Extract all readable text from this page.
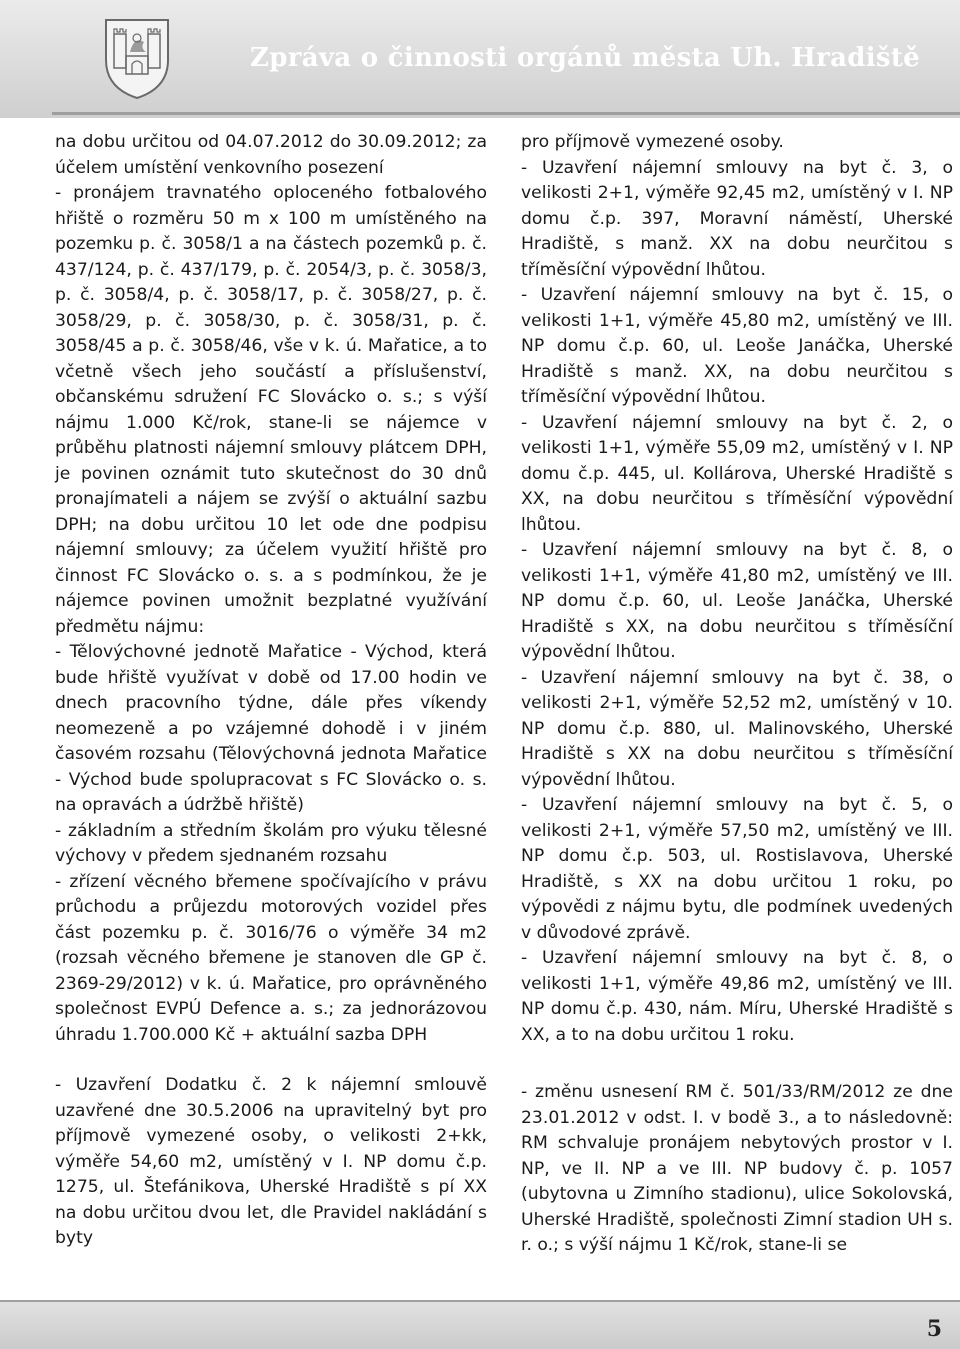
Zpráva o činnosti orgánů města Uh. Hradiště

na dobu určitou od 04.07.2012 do 30.09.2012; za účelem umístění venkovního posezení

- pronájem travnatého oploceného fotbalového hřiště o rozměru 50 m x 100 m umístěného na pozemku p. č. 3058/1 a na částech pozemků p. č. 437/124, p. č. 437/179, p. č. 2054/3, p. č. 3058/3, p. č. 3058/4, p. č. 3058/17, p. č. 3058/27, p. č. 3058/29, p. č. 3058/30, p. č. 3058/31, p. č. 3058/45 a p. č. 3058/46, vše v k. ú. Mařatice, a to včetně všech jeho součástí a příslušenství, občanskému sdružení FC Slovácko o. s.; s výší nájmu 1.000 Kč/rok, stane-li se nájemce v průběhu platnosti nájemní smlouvy plátcem DPH, je povinen oznámit tuto skutečnost do 30 dnů pronajímateli a nájem se zvýší o aktuální sazbu DPH; na dobu určitou 10 let ode dne podpisu nájemní smlouvy; za účelem využití hřiště pro činnost FC Slovácko o. s. a s podmínkou, že je nájemce povinen umožnit bezplatné využívání předmětu nájmu:

- Tělovýchovné jednotě Mařatice - Východ, která bude hřiště využívat v době od 17.00 hodin ve dnech pracovního týdne, dále přes víkendy neomezeně a po vzájemné dohodě i v jiném časovém rozsahu (Tělovýchovná jednota Mařatice - Východ bude spolupracovat s FC Slovácko o. s. na opravách a údržbě hřiště)

- základním a středním školám pro výuku tělesné výchovy v předem sjednaném rozsahu

- zřízení věcného břemene spočívajícího v právu průchodu a průjezdu motorových vozidel přes část pozemku p. č. 3016/76 o výměře 34 m2 (rozsah věcného břemene je stanoven dle GP č. 2369-29/2012) v k. ú. Mařatice, pro oprávněného společnost EVPÚ Defence a. s.; za jednorázovou úhradu 1.700.000 Kč + aktuální sazba DPH

- Uzavření Dodatku č. 2 k nájemní smlouvě uzavřené dne 30.5.2006 na upravitelný byt pro příjmově vymezené osoby, o velikosti 2+kk, výměře 54,60 m2, umístěný v I. NP domu č.p. 1275, ul. Štefánikova, Uherské Hradiště s pí XX na dobu určitou dvou let, dle Pravidel nakládání s byty

pro příjmově vymezené osoby.

- Uzavření nájemní smlouvy na byt č. 3, o velikosti 2+1, výměře 92,45 m2, umístěný v I. NP domu č.p. 397, Moravní náměstí, Uherské Hradiště, s manž. XX na dobu neurčitou s tříměsíční výpovědní lhůtou.

- Uzavření nájemní smlouvy na byt č. 15, o velikosti 1+1, výměře 45,80 m2, umístěný ve III. NP domu č.p. 60, ul. Leoše Janáčka, Uherské Hradiště s manž. XX, na dobu neurčitou s tříměsíční výpovědní lhůtou.

- Uzavření nájemní smlouvy na byt č. 2, o velikosti 1+1, výměře 55,09 m2, umístěný v I. NP domu č.p. 445, ul. Kollárova, Uherské Hradiště s XX, na dobu neurčitou s tříměsíční výpovědní lhůtou.

- Uzavření nájemní smlouvy na byt č. 8, o velikosti 1+1, výměře 41,80 m2, umístěný ve III. NP domu č.p. 60, ul. Leoše Janáčka, Uherské Hradiště s XX, na dobu neurčitou s tříměsíční výpovědní lhůtou.

- Uzavření nájemní smlouvy na byt č. 38, o velikosti 2+1, výměře 52,52 m2, umístěný v 10. NP domu č.p. 880, ul. Malinovského, Uherské Hradiště s XX na dobu neurčitou s tříměsíční výpovědní lhůtou.

- Uzavření nájemní smlouvy na byt č. 5, o velikosti 2+1, výměře 57,50 m2, umístěný ve III. NP domu č.p. 503, ul. Rostislavova, Uherské Hradiště, s XX na dobu určitou 1 roku, po výpovědi z nájmu bytu, dle podmínek uvedených v důvodové zprávě.

- Uzavření nájemní smlouvy na byt č. 8, o velikosti 1+1, výměře 49,86 m2, umístěný ve III. NP domu č.p. 430, nám. Míru, Uherské Hradiště s XX, a to na dobu určitou 1 roku.

- změnu usnesení RM č. 501/33/RM/2012 ze dne 23.01.2012 v odst. I. v bodě 3., a to následovně: RM schvaluje pronájem nebytových prostor v I. NP, ve II. NP a ve III. NP budovy č. p. 1057 (ubytovna u Zimního stadionu), ulice Sokolovská, Uherské Hradiště, společnosti Zimní stadion UH s. r. o.; s výší nájmu 1 Kč/rok, stane-li se

5
